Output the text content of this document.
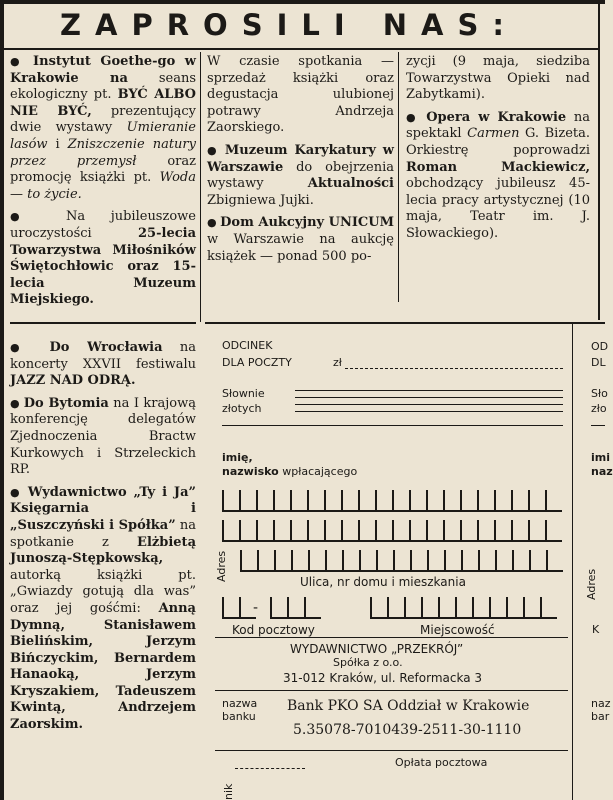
ZAPROSILI NAS:

● Instytut Goethe-go w Krakowie na seans ekologiczny pt. BYĆ ALBO NIE BYĆ, prezentujący dwie wystawy Umieranie lasów i Zniszczenie natury przez przemysł oraz promocję książki pt. Woda — to życie.

● Na jubileuszowe uroczystości	25-lecia Towarzystwa Miłośników Świętochłowic oraz 15-lecia Muzeum Miejskiego.

● Do Wrocławia na koncerty XXVII festiwalu JAZZ NAD ODRĄ.

● Do Bytomia na I krajową konferencję delegatów Zjednoczenia Bractw Kurkowych i Strzeleckich RP.

● Wydawnictwo „Ty i Ja” Księgarnia i „Suszczyński i Spółka” na spotkanie z Elżbietą Junoszą-Stępkowską, autorką książki pt. „Gwiazdy gotują dla was” oraz jej gośćmi: Anną Dymną, Stanisławem Bielińskim, Jerzym Bińczyckim, Bernardem Hanaoką, Jerzym Kryszakiem, Tadeuszem Kwintą, Andrzejem Zaorskim.

W czasie spotkania — sprzedaż książki oraz degustacja ulubionej potrawy Andrzeja Zaorskiego.

● Muzeum Karykatury w Warszawie do obejrzenia wystawy	Aktualności Zbigniewa Jujki.

● Dom Aukcyjny UNICUM w Warszawie na aukcję książek — ponad 500 po-

zycji (9 maja, siedziba Towarzystwa Opieki nad Zabytkami).

● Opera w Krakowie na spektakl Carmen G. Bizeta. Orkiestrę poprowadzi Roman Mackiewicz, obchodzący jubileusz 45-lecia pracy artystycznej (10 maja, Teatr im. J. Słowackiego).

ODCINEK
DLA POCZTY	zł
Słownie
złotych
imię,
nazwisko wpłacającego
Adres	Ulica, nr domu i mieszkania
-
Kod pocztowy	Miejscowość
WYDAWNICTWO „PRZEKRÓJ”
Spółka z o.o.
31-012 Kraków, ul. Reformacka 3
nazwa
banku
Bank PKO SA Oddział w Krakowie
5.35078-7010439-2511-30-1110
Opłata pocztowa
nik
OD
DL
Sło
zło
imi
naz
Adres
K
naz
bar
